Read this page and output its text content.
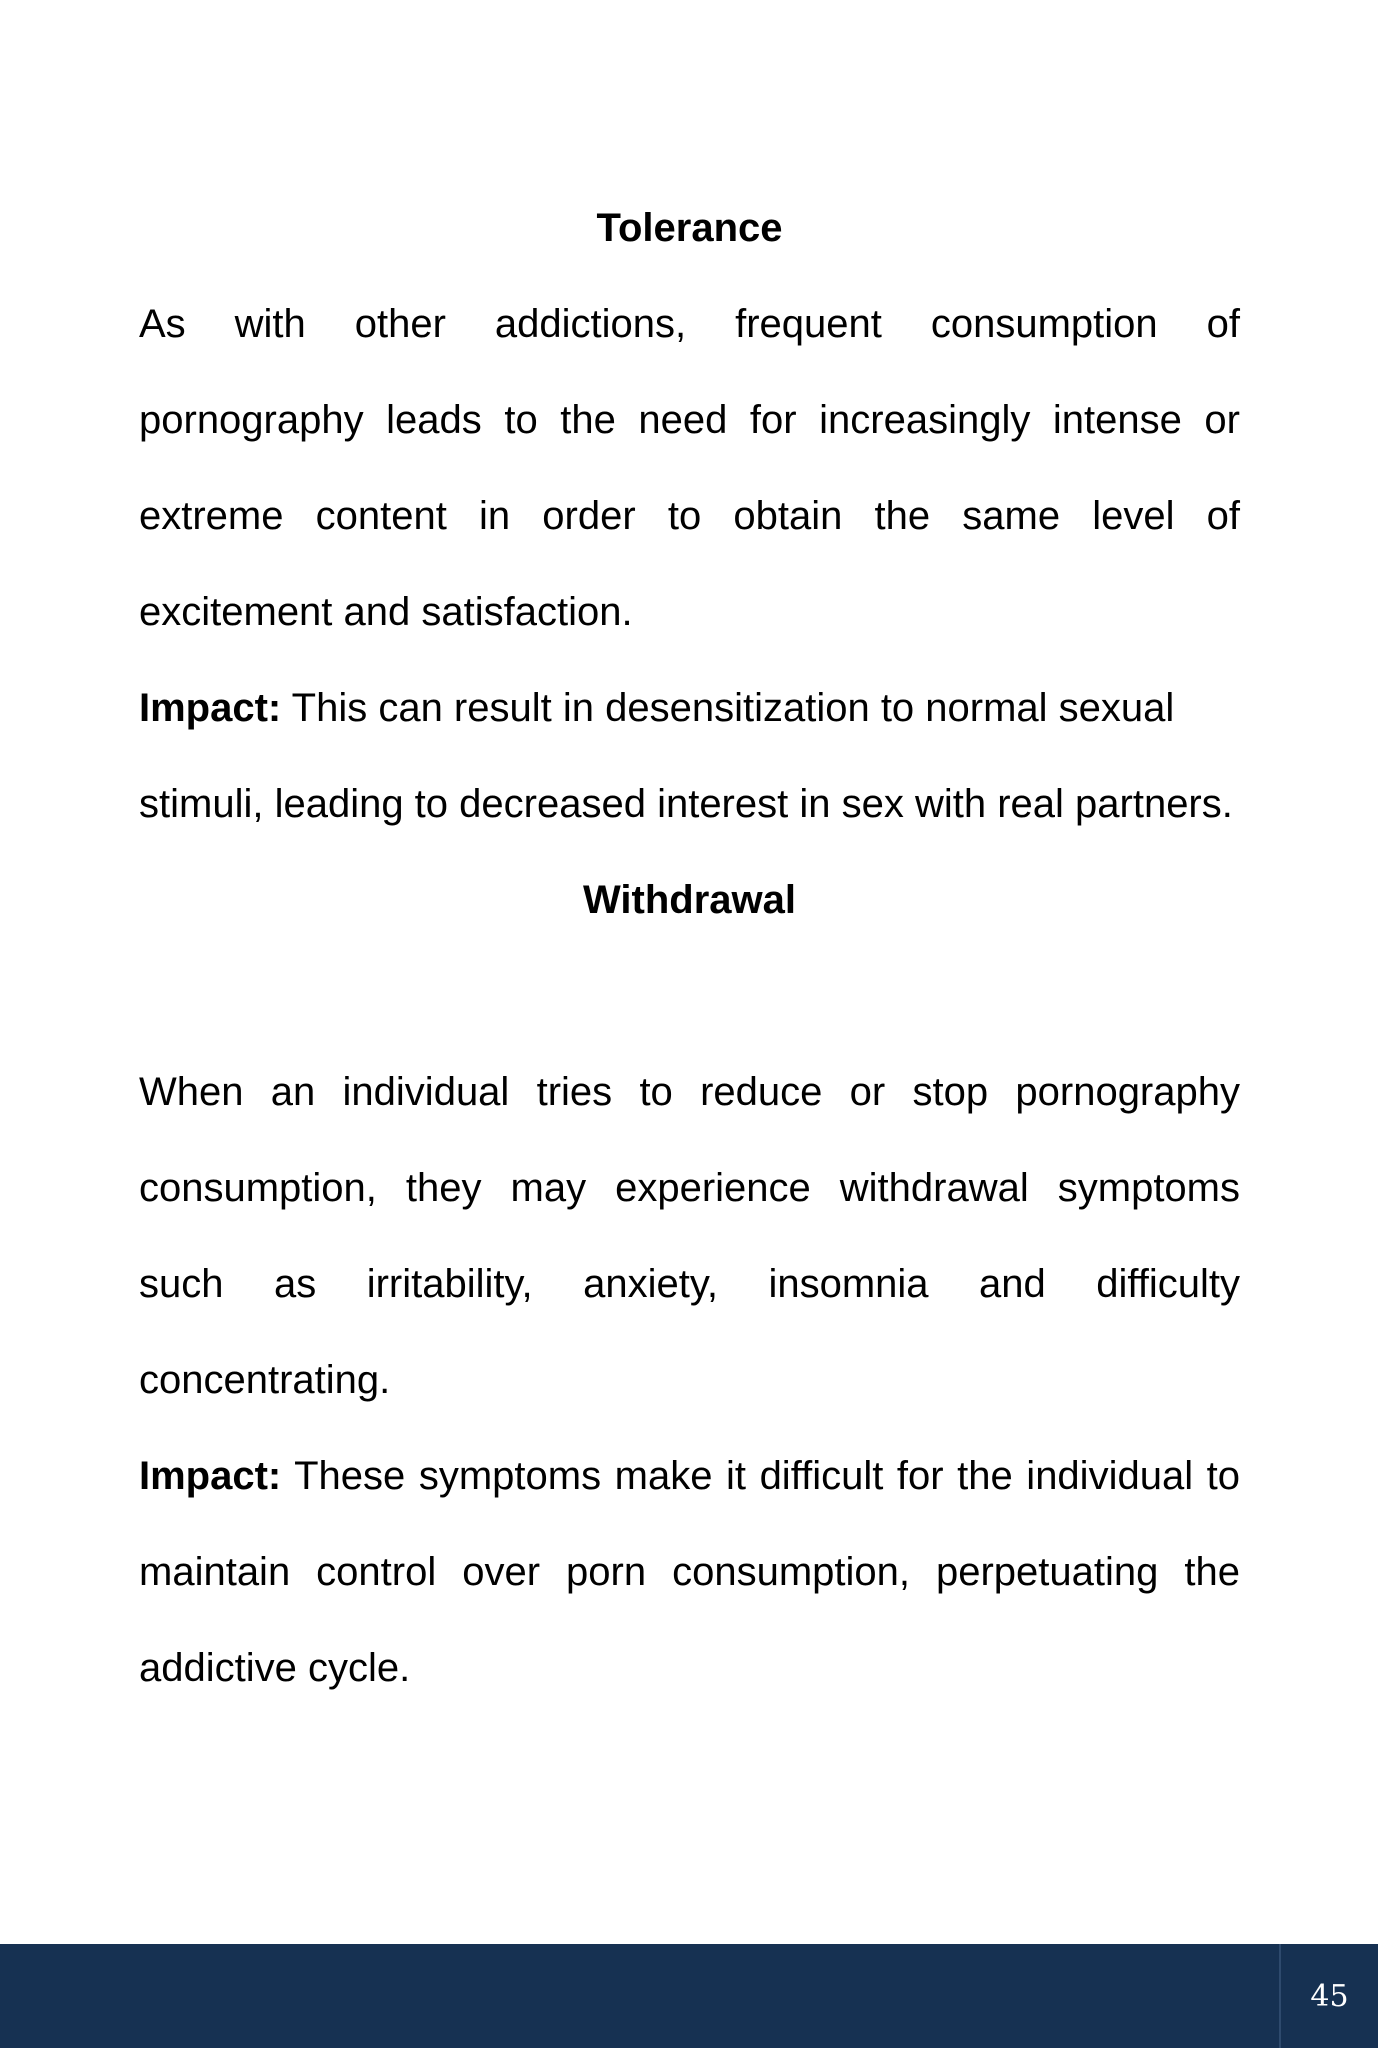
Tolerance

As with other addictions, frequent consumption of pornography leads to the need for increasingly intense or extreme content in order to obtain the same level of excitement and satisfaction.

Impact: This can result in desensitization to normal sexual stimuli, leading to decreased interest in sex with real partners.

Withdrawal

When an individual tries to reduce or stop pornography consumption, they may experience withdrawal symptoms such as irritability, anxiety, insomnia and difficulty concentrating.

Impact: These symptoms make it difficult for the individual to maintain control over porn consumption, perpetuating the addictive cycle.

45
